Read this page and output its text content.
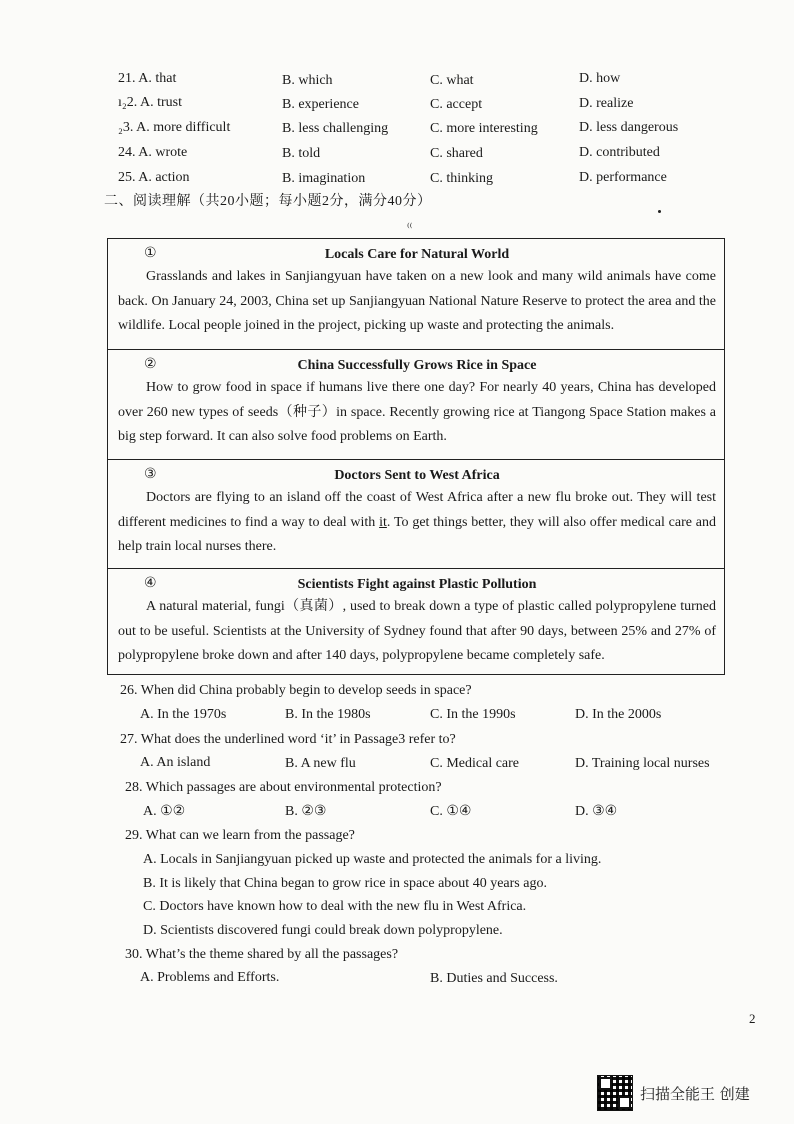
21. A. that	B. which	C. what	D. how
ı₂2. A. trust	B. experience	C. accept	D. realize
₂3. A. more difficult	B. less challenging	C. more interesting	D. less dangerous
24. A. wrote	B. told	C. shared	D. contributed
25. A. action	B. imagination	C. thinking	D. performance
二、阅读理解（共20小题；每小题2分，满分40分）
⁽⁽
①	Locals Care for Natural World

Grasslands and lakes in Sanjiangyuan have taken on a new look and many wild animals have come back. On January 24, 2003, China set up Sanjiangyuan National Nature Reserve to protect the area and the wildlife. Local people joined in the project, picking up waste and protecting the animals.

②	China Successfully Grows Rice in Space

How to grow food in space if humans live there one day? For nearly 40 years, China has developed over 260 new types of seeds（种子）in space. Recently growing rice at Tiangong Space Station makes a big step forward. It can also solve food problems on Earth.

③	Doctors Sent to West Africa

Doctors are flying to an island off the coast of West Africa after a new flu broke out. They will test different medicines to find a way to deal with it. To get things better, they will also offer medical care and help train local nurses there.

④	Scientists Fight against Plastic Pollution

A natural material, fungi（真菌）, used to break down a type of plastic called polypropylene turned out to be useful. Scientists at the University of Sydney found that after 90 days, between 25% and 27% of polypropylene broke down and after 140 days, polypropylene became completely safe.

26. When did China probably begin to develop seeds in space?
A. In the 1970s	B. In the 1980s	C. In the 1990s	D. In the 2000s
27. What does the underlined word ‘it’ in Passage3 refer to?
A. An island	B. A new flu	C. Medical care	D. Training local nurses
28. Which passages are about environmental protection?
A. ①②	B. ②③	C. ①④	D. ③④
29. What can we learn from the passage?
A. Locals in Sanjiangyuan picked up waste and protected the animals for a living.
B. It is likely that China began to grow rice in space about 40 years ago.
C. Doctors have known how to deal with the new flu in West Africa.
D. Scientists discovered fungi could break down polypropylene.
30. What’s the theme shared by all the passages?
A. Problems and Efforts.	B. Duties and Success.
2
扫描全能王 创建
